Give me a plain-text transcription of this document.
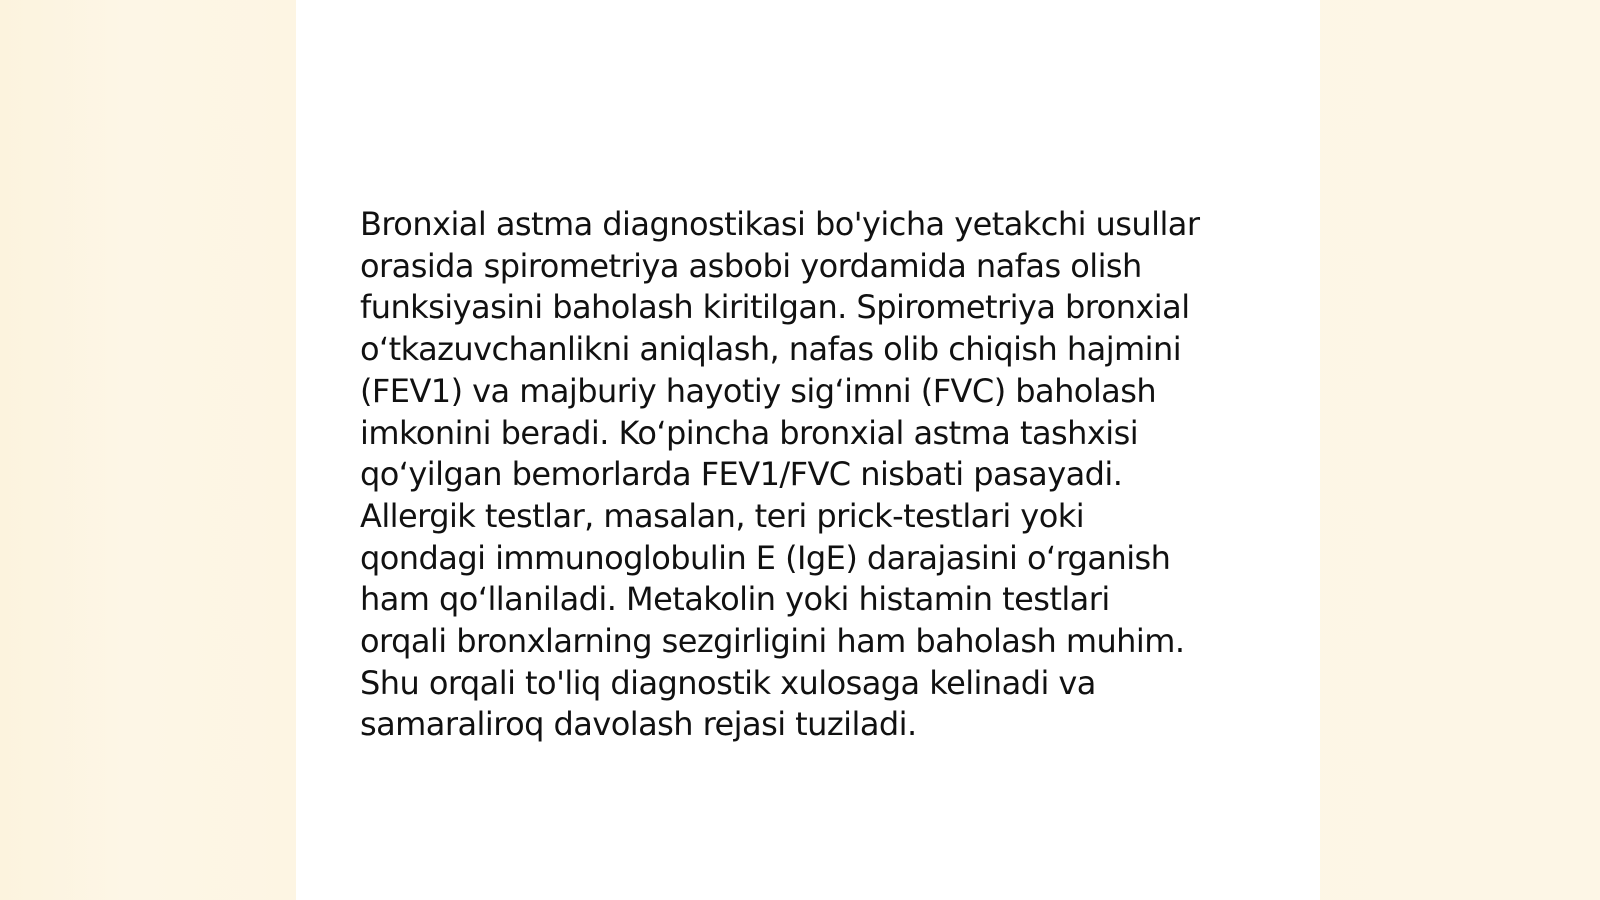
Bronxial astma diagnostikasi bo'yicha yetakchi usullar
orasida spirometriya asbobi yordamida nafas olish
funksiyasini baholash kiritilgan. Spirometriya bronxial
o‘tkazuvchanlikni aniqlash, nafas olib chiqish hajmini
(FEV1) va majburiy hayotiy sig‘imni (FVC) baholash
imkonini beradi. Ko‘pincha bronxial astma tashxisi
qo‘yilgan bemorlarda FEV1/FVC nisbati pasayadi.
Allergik testlar, masalan, teri prick-testlari yoki
qondagi immunoglobulin E (IgE) darajasini o‘rganish
ham qo‘llaniladi. Metakolin yoki histamin testlari
orqali bronxlarning sezgirligini ham baholash muhim.
Shu orqali to'liq diagnostik xulosaga kelinadi va
samaraliroq davolash rejasi tuziladi.
